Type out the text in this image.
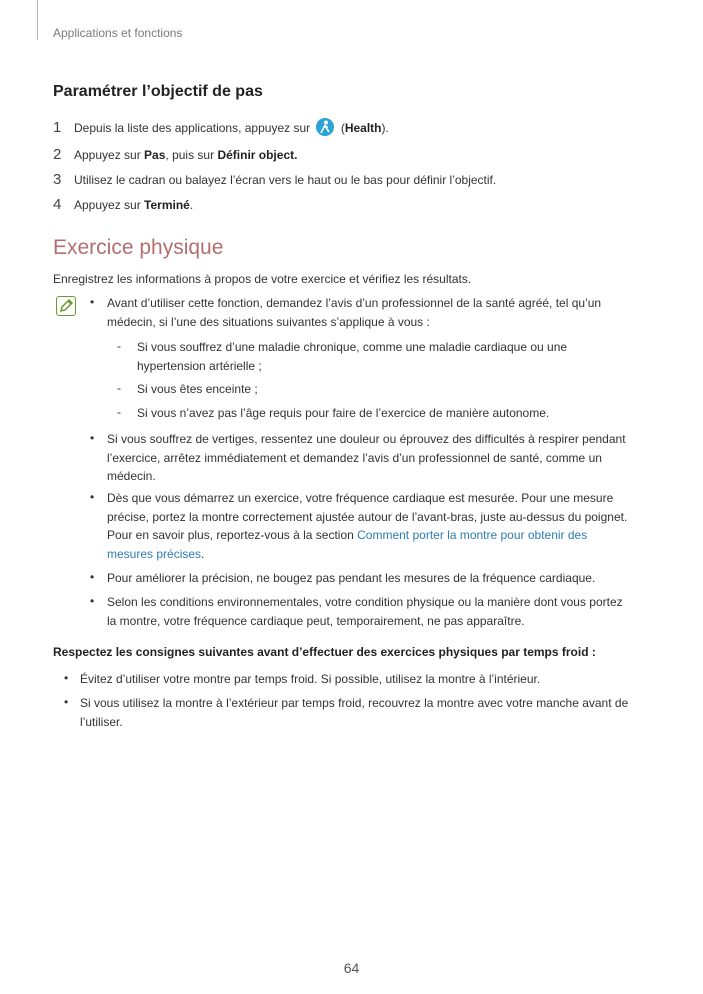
Applications et fonctions
Paramétrer l’objectif de pas
1	Depuis la liste des applications, appuyez sur
(Health).
2	Appuyez sur Pas, puis sur Définir object.
3	Utilisez le cadran ou balayez l’écran vers le haut ou le bas pour définir l’objectif.
4	Appuyez sur Terminé.
Exercice physique
Enregistrez les informations à propos de votre exercice et vérifiez les résultats.
• Avant d’utiliser cette fonction, demandez l’avis d’un professionnel de la santé agréé, tel qu’un
médecin, si l’une des situations suivantes s’applique à vous :
- Si vous souffrez d’une maladie chronique, comme une maladie cardiaque ou une
hypertension artérielle ;
- Si vous êtes enceinte ;
- Si vous n’avez pas l’âge requis pour faire de l’exercice de manière autonome.
• Si vous souffrez de vertiges, ressentez une douleur ou éprouvez des difficultés à respirer pendant
l’exercice, arrêtez immédiatement et demandez l’avis d’un professionnel de santé, comme un
médecin.
• Dès que vous démarrez un exercice, votre fréquence cardiaque est mesurée. Pour une mesure
précise, portez la montre correctement ajustée autour de l’avant-bras, juste au-dessus du poignet.
Pour en savoir plus, reportez-vous à la section Comment porter la montre pour obtenir des
mesures précises.
• Pour améliorer la précision, ne bougez pas pendant les mesures de la fréquence cardiaque.
• Selon les conditions environnementales, votre condition physique ou la manière dont vous portez
la montre, votre fréquence cardiaque peut, temporairement, ne pas apparaître.
Respectez les consignes suivantes avant d’effectuer des exercices physiques par temps froid :
• Évitez d’utiliser votre montre par temps froid. Si possible, utilisez la montre à l’intérieur.
• Si vous utilisez la montre à l’extérieur par temps froid, recouvrez la montre avec votre manche avant de
l’utiliser.
64
